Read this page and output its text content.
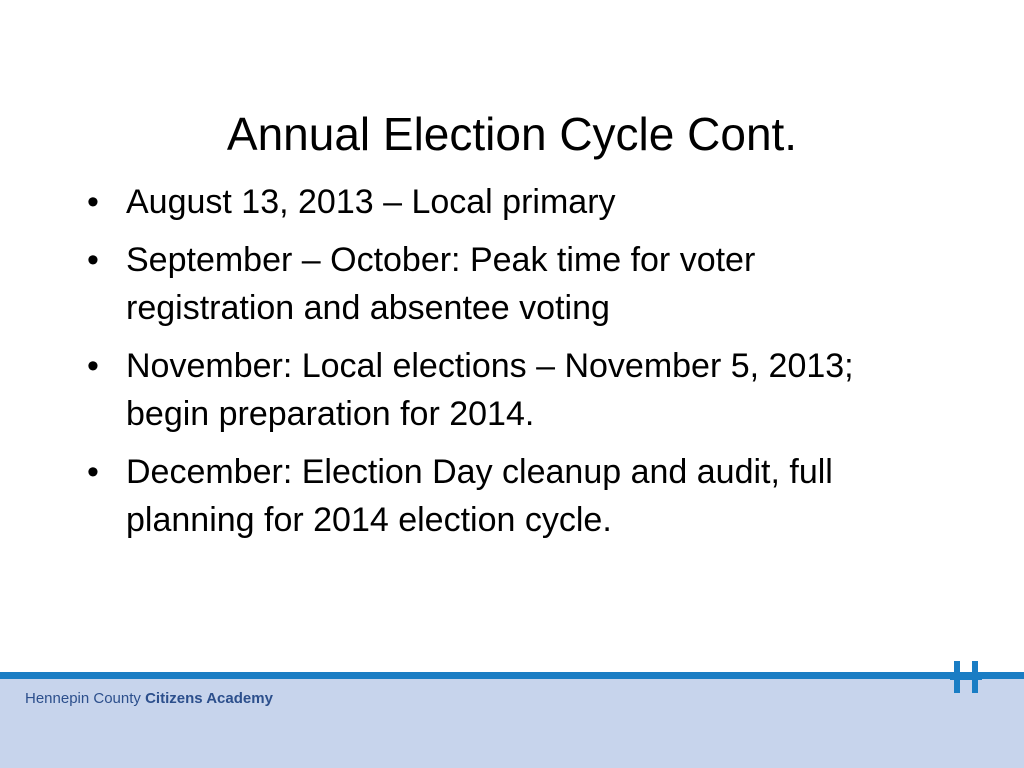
Annual Election Cycle Cont.
• August 13, 2013 – Local primary
• September – October: Peak time for voter registration and absentee voting
• November: Local elections – November 5, 2013; begin preparation for 2014.
• December: Election Day cleanup and audit, full planning for 2014 election cycle.
Hennepin County Citizens Academy
